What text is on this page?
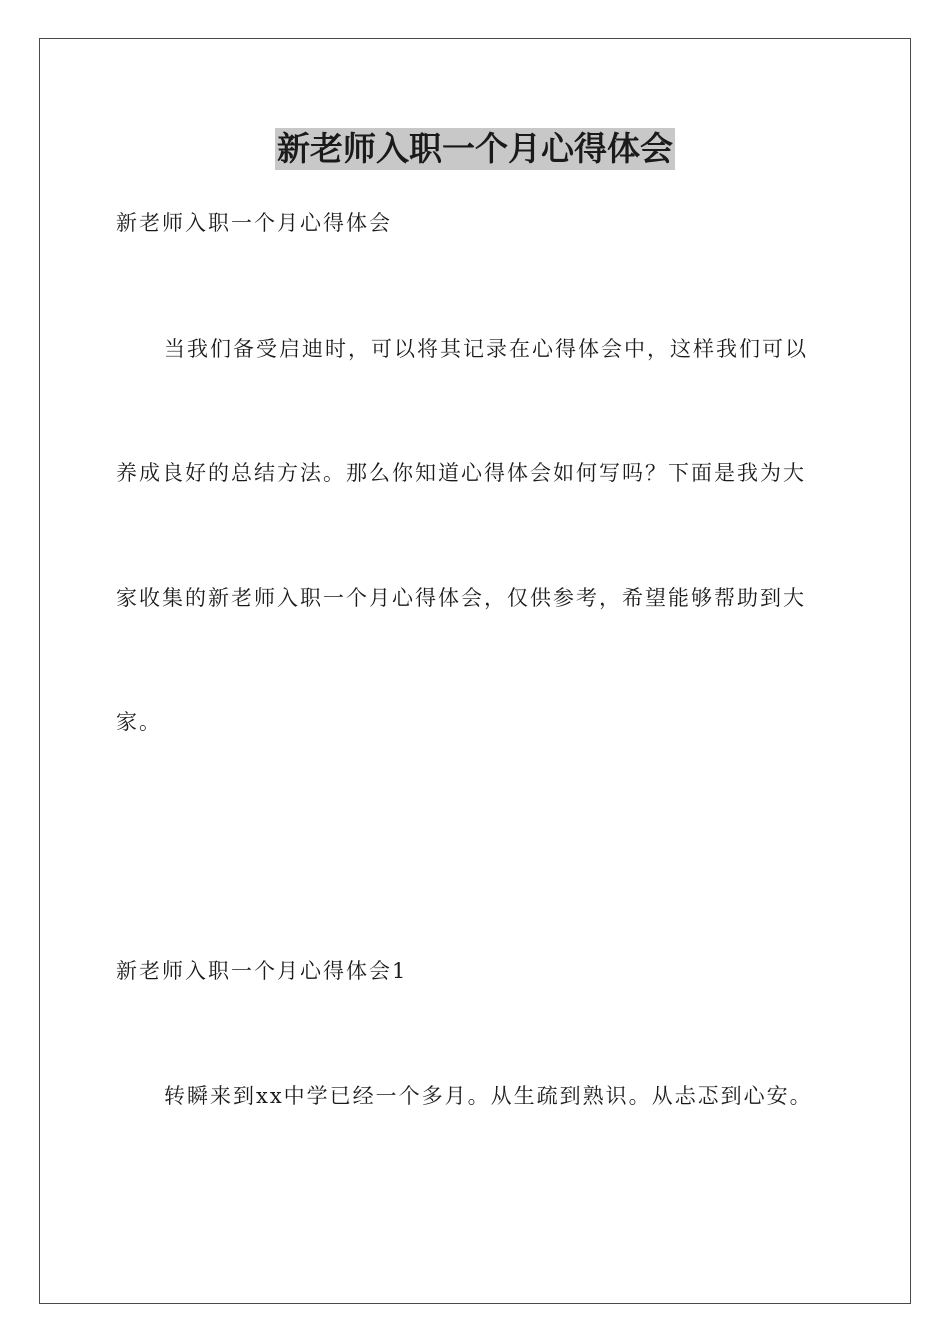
新老师入职一个月心得体会
新老师入职一个月心得体会
当我们备受启迪时，可以将其记录在心得体会中，这样我们可以
养成良好的总结方法。那么你知道心得体会如何写吗？下面是我为大
家收集的新老师入职一个月心得体会，仅供参考，希望能够帮助到大
家。
新老师入职一个月心得体会1
转瞬来到xx中学已经一个多月。从生疏到熟识。从忐忑到心安。
